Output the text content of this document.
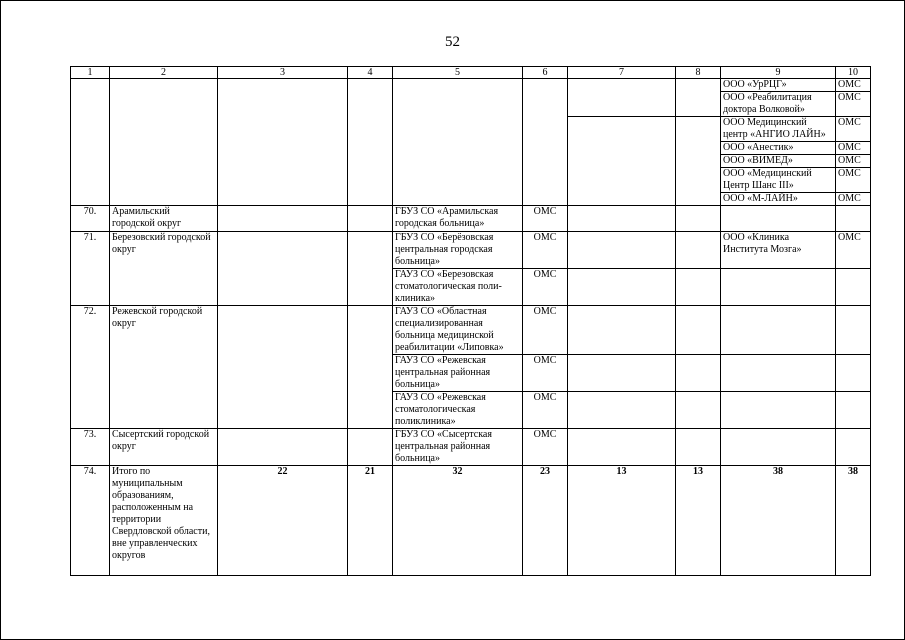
52
1	2	3	4	5	6	7	8	9	10
								ООО «УрРЦГ»	ОМС
								ООО «Реабилитация доктора Волковой»	ОМС
								ООО Медицинский центр «АНГИО ЛАЙН»	ОМС
								ООО «Анестик»	ОМС
								ООО «ВИМЕД»	ОМС
								ООО «Медицинский Центр Шанс III»	ОМС
								ООО «М-ЛАЙН»	ОМС
70.	Арамильский городской округ			ГБУЗ СО «Арамильская городская больница»	ОМС				
71.	Березовский городской округ			ГБУЗ СО «Берёзовская центральная городская больница»	ОМС			ООО «Клиника Института Мозга»	ОМС
				ГАУЗ СО «Березовская стоматологическая поли-клиника»	ОМС				
72.	Режевской городской округ			ГАУЗ СО «Областная специализированная больница медицинской реабилитации «Липовка»	ОМС				
				ГАУЗ СО «Режевская центральная районная больница»	ОМС				
				ГАУЗ СО «Режевская стоматологическая поликлиника»	ОМС				
73.	Сысертский городской округ			ГБУЗ СО «Сысертская центральная районная больница»	ОМС				
74.	Итого по муниципальным образованиям, расположенным на территории Свердловской области, вне управленческих округов	22	21	32	23	13	13	38	38
